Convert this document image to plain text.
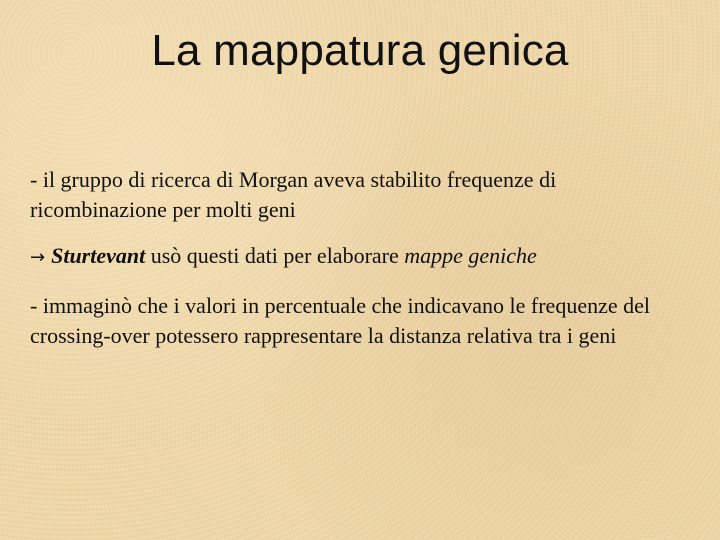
La mappatura genica

- il gruppo di ricerca di Morgan aveva stabilito frequenze di ricombinazione per molti geni

→ Sturtevant usò questi dati per elaborare mappe geniche

- immaginò che i valori in percentuale che indicavano le frequenze del crossing-over potessero rappresentare la distanza relativa tra i geni
